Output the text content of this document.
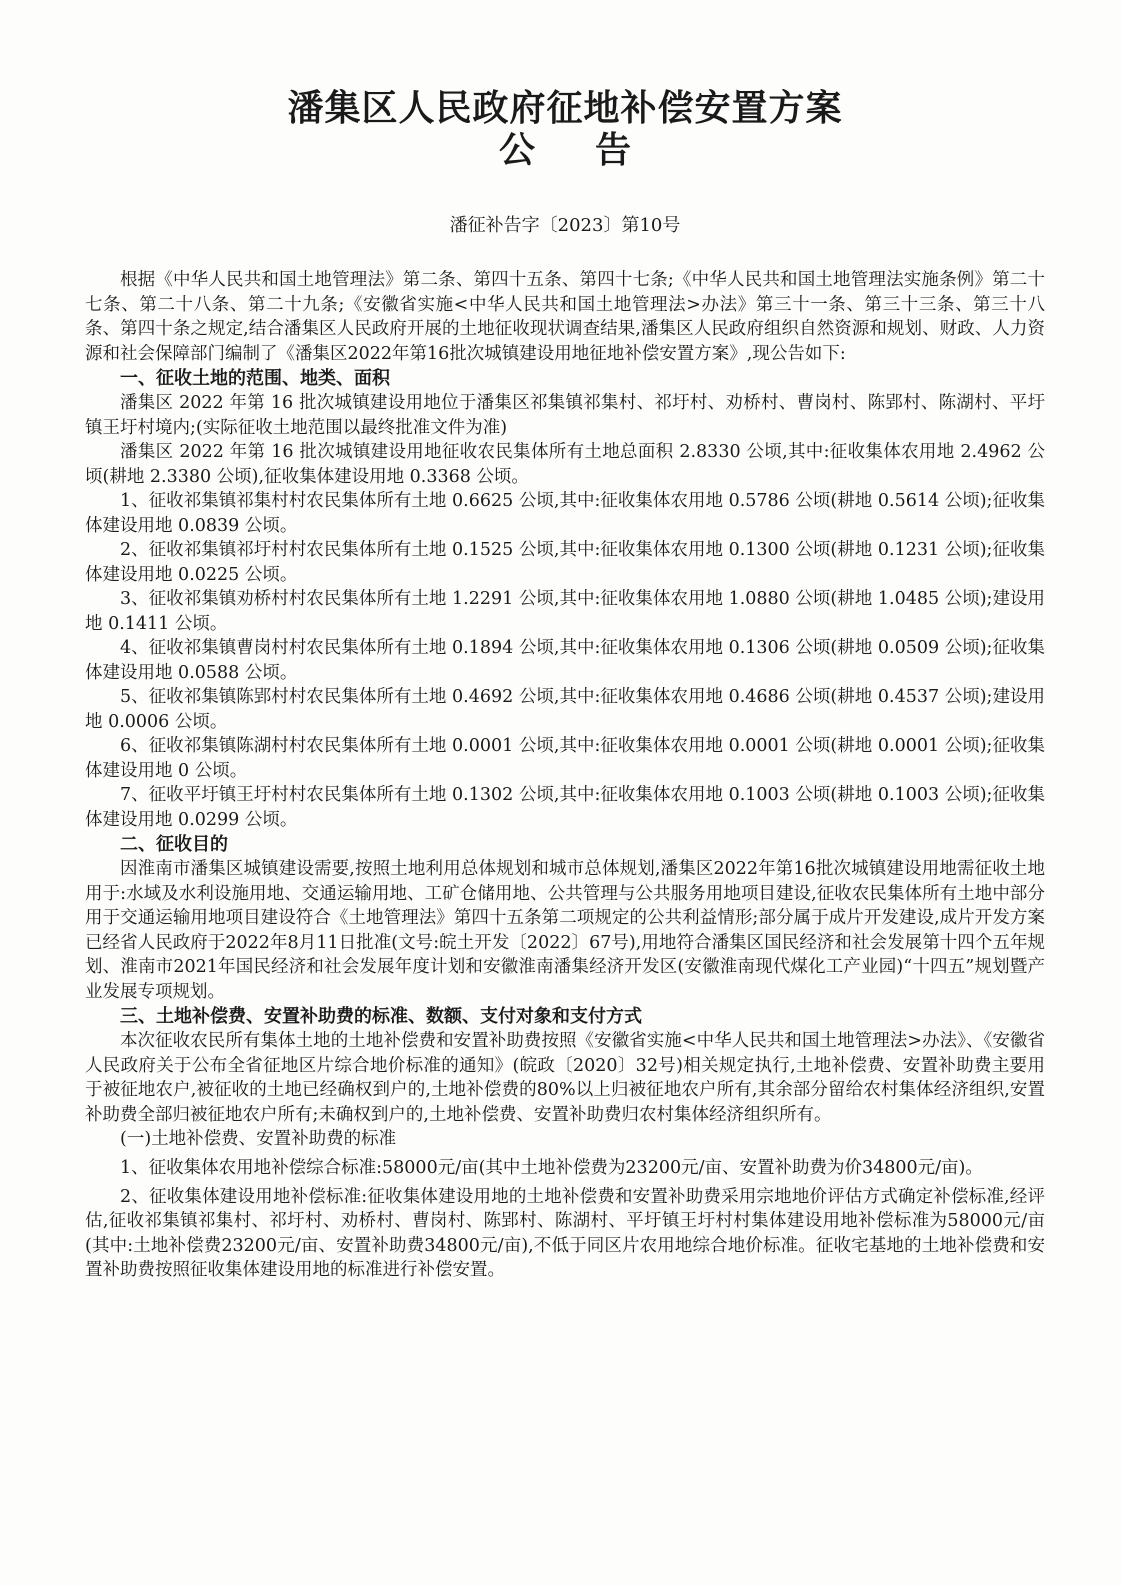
潘集区人民政府征地补偿安置方案
公告
潘征补告字〔2023〕第10号

根据《中华人民共和国土地管理法》第二条、第四十五条、第四十七条;《中华人民共和国土地管理法实施条例》第二十七条、第二十八条、第二十九条;《安徽省实施<中华人民共和国土地管理法>办法》第三十一条、第三十三条、第三十八条、第四十条之规定,结合潘集区人民政府开展的土地征收现状调查结果,潘集区人民政府组织自然资源和规划、财政、人力资源和社会保障部门编制了《潘集区2022年第16批次城镇建设用地征地补偿安置方案》,现公告如下:

一、征收土地的范围、地类、面积

潘集区 2022 年第 16 批次城镇建设用地位于潘集区祁集镇祁集村、祁圩村、劝桥村、曹岗村、陈郢村、陈湖村、平圩镇王圩村境内;(实际征收土地范围以最终批准文件为准)

潘集区 2022 年第 16 批次城镇建设用地征收农民集体所有土地总面积 2.8330 公顷,其中:征收集体农用地 2.4962 公顷(耕地 2.3380 公顷),征收集体建设用地 0.3368 公顷。

1、征收祁集镇祁集村村农民集体所有土地 0.6625 公顷,其中:征收集体农用地 0.5786 公顷(耕地 0.5614 公顷);征收集体建设用地 0.0839 公顷。

2、征收祁集镇祁圩村村农民集体所有土地 0.1525 公顷,其中:征收集体农用地 0.1300 公顷(耕地 0.1231 公顷);征收集体建设用地 0.0225 公顷。

3、征收祁集镇劝桥村村农民集体所有土地 1.2291 公顷,其中:征收集体农用地 1.0880 公顷(耕地 1.0485 公顷);建设用地 0.1411 公顷。

4、征收祁集镇曹岗村村农民集体所有土地 0.1894 公顷,其中:征收集体农用地 0.1306 公顷(耕地 0.0509 公顷);征收集体建设用地 0.0588 公顷。

5、征收祁集镇陈郢村村农民集体所有土地 0.4692 公顷,其中:征收集体农用地 0.4686 公顷(耕地 0.4537 公顷);建设用地 0.0006 公顷。

6、征收祁集镇陈湖村村农民集体所有土地 0.0001 公顷,其中:征收集体农用地 0.0001 公顷(耕地 0.0001 公顷);征收集体建设用地 0 公顷。

7、征收平圩镇王圩村村农民集体所有土地 0.1302 公顷,其中:征收集体农用地 0.1003 公顷(耕地 0.1003 公顷);征收集体建设用地 0.0299 公顷。

二、征收目的

因淮南市潘集区城镇建设需要,按照土地利用总体规划和城市总体规划,潘集区2022年第16批次城镇建设用地需征收土地用于:水域及水利设施用地、交通运输用地、工矿仓储用地、公共管理与公共服务用地项目建设,征收农民集体所有土地中部分用于交通运输用地项目建设符合《土地管理法》第四十五条第二项规定的公共利益情形;部分属于成片开发建设,成片开发方案已经省人民政府于2022年8月11日批准(文号:皖土开发〔2022〕67号),用地符合潘集区国民经济和社会发展第十四个五年规划、淮南市2021年国民经济和社会发展年度计划和安徽淮南潘集经济开发区(安徽淮南现代煤化工产业园)“十四五”规划暨产业发展专项规划。

三、土地补偿费、安置补助费的标准、数额、支付对象和支付方式

本次征收农民所有集体土地的土地补偿费和安置补助费按照《安徽省实施<中华人民共和国土地管理法>办法》、《安徽省人民政府关于公布全省征地区片综合地价标准的通知》(皖政〔2020〕32号)相关规定执行,土地补偿费、安置补助费主要用于被征地农户,被征收的土地已经确权到户的,土地补偿费的80%以上归被征地农户所有,其余部分留给农村集体经济组织,安置补助费全部归被征地农户所有;未确权到户的,土地补偿费、安置补助费归农村集体经济组织所有。

(一)土地补偿费、安置补助费的标准

1、征收集体农用地补偿综合标准:58000元/亩(其中土地补偿费为23200元/亩、安置补助费为价34800元/亩)。

2、征收集体建设用地补偿标准:征收集体建设用地的土地补偿费和安置补助费采用宗地地价评估方式确定补偿标准,经评估,征收祁集镇祁集村、祁圩村、劝桥村、曹岗村、陈郢村、陈湖村、平圩镇王圩村村集体建设用地补偿标准为58000元/亩(其中:土地补偿费23200元/亩、安置补助费34800元/亩),不低于同区片农用地综合地价标准。征收宅基地的土地补偿费和安置补助费按照征收集体建设用地的标准进行补偿安置。
